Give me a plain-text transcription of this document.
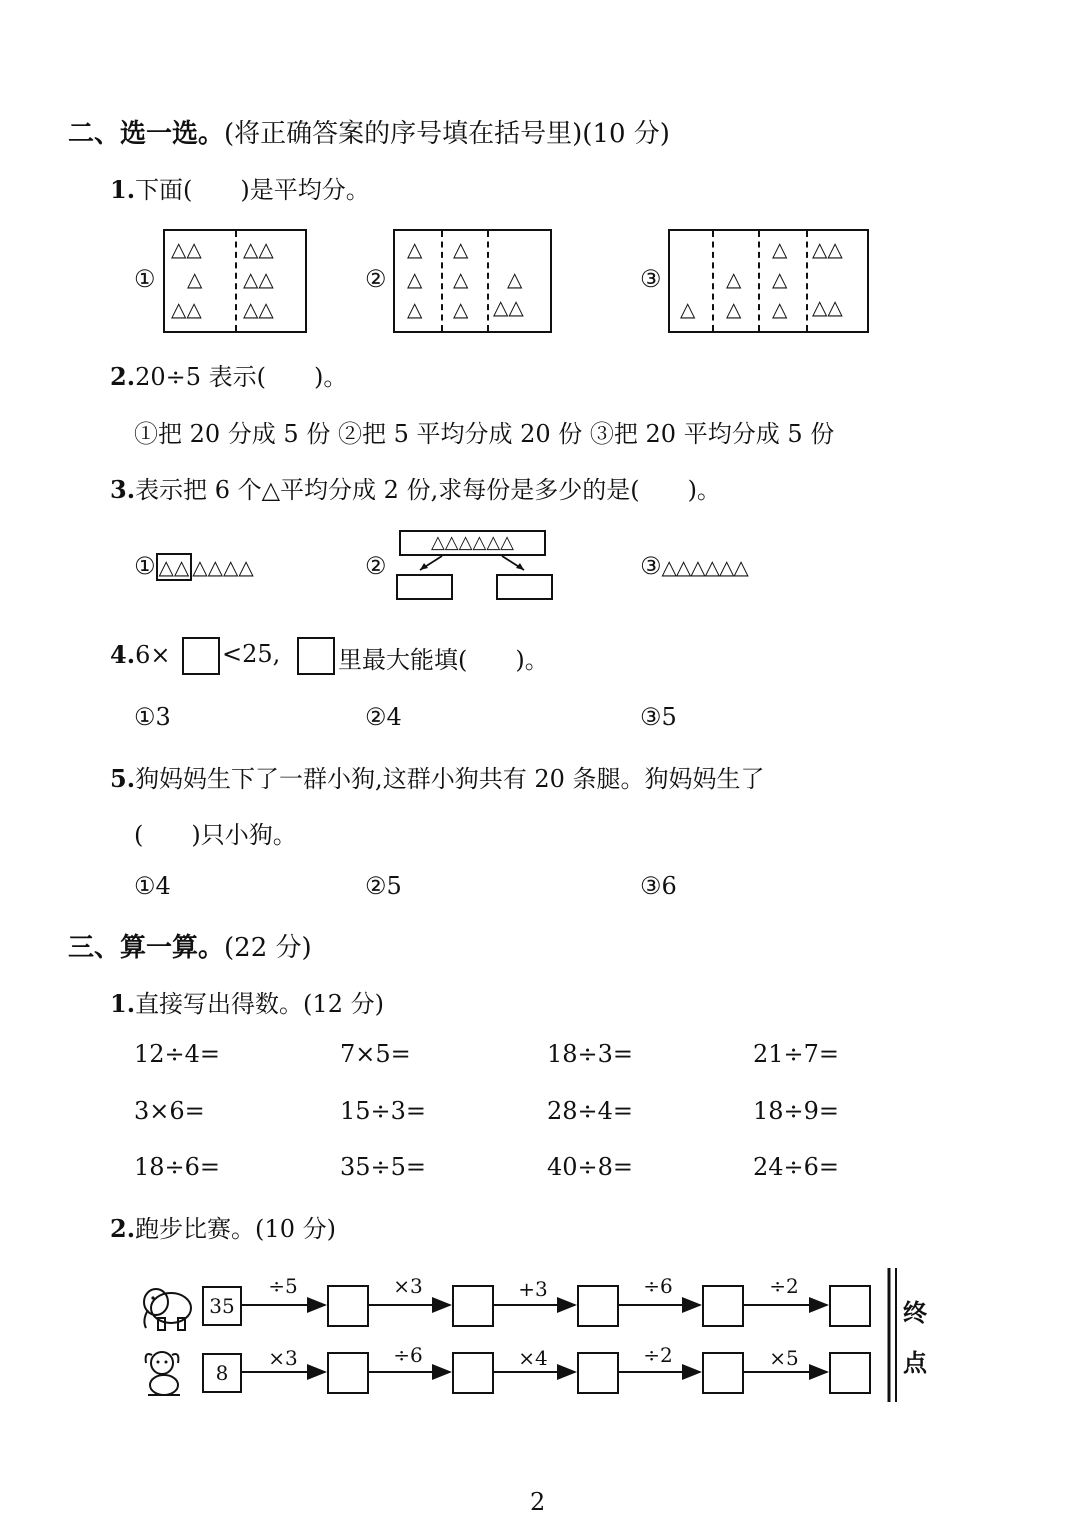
二、选一选。(将正确答案的序号填在括号里)(10 分)
1.下面(　　)是平均分。
①
△△
△
△△
△△
△△
△△
②
△
△
△
△
△
△
△
△△
③
△
△
△
△
△
△
△△
△△
2.20÷5 表示(　　)。
①把 20 分成 5 份 ②把 5 平均分成 20 份 ③把 20 平均分成 5 份
3.表示把 6 个△平均分成 2 份,求每份是多少的是(　　)。
① △△ △△△△	②
△△△△△△
③△△△△△△
4.6× <25, 里最大能填(　　)。
①3	②4	③5
5.狗妈妈生下了一群小狗,这群小狗共有 20 条腿。狗妈妈生了
(　　)只小狗。
①4	②5	③6
三、算一算。(22 分)
1.直接写出得数。(12 分)
12÷4=	7×5=	18÷3=	21÷7=
3×6=	15÷3=	28÷4=	18÷9=
18÷6=	35÷5=	40÷8=	24÷6=
2.跑步比赛。(10 分)
35
÷5	×3	+3	÷6	÷2
8
×3	÷6	×4	÷2	×5
终
点
2
